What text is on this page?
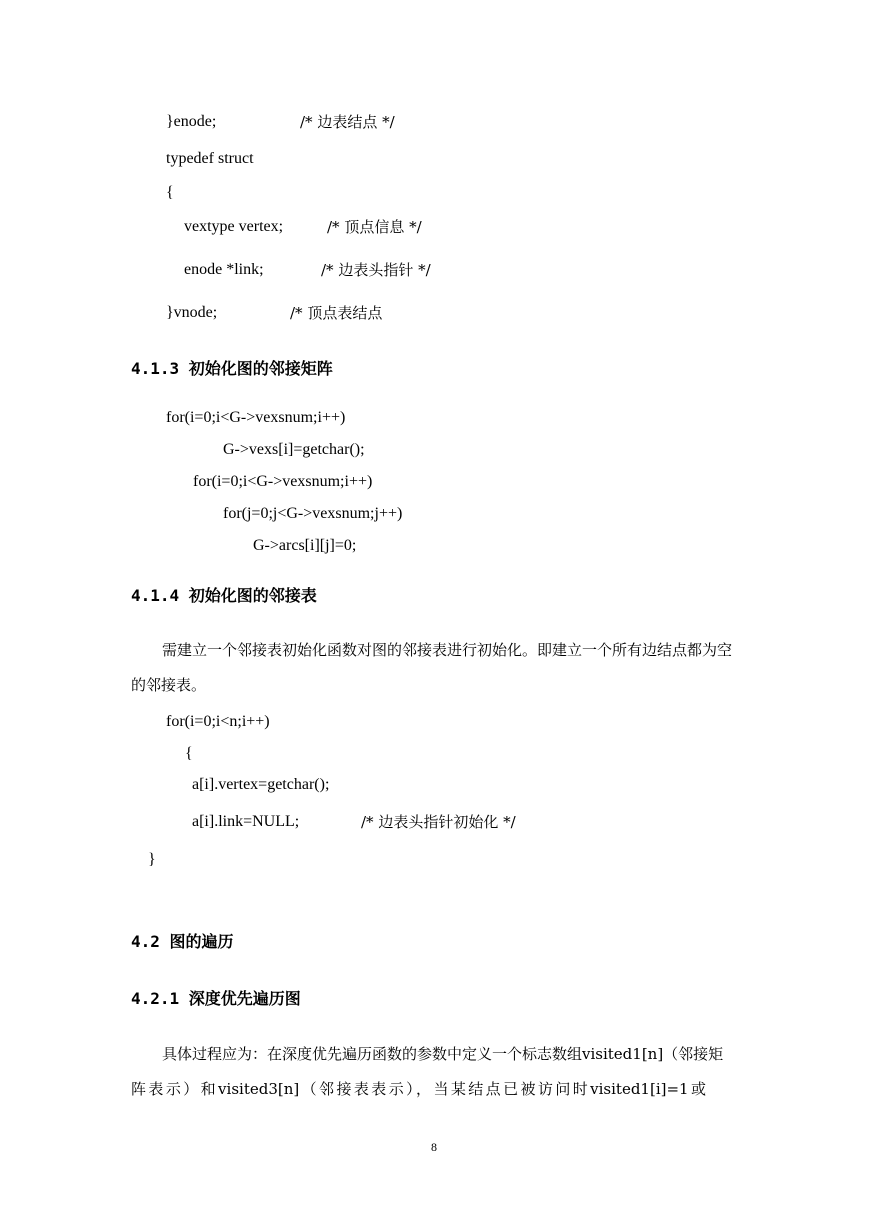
}enode;	/* 边表结点 */
typedef struct
{
vextype vertex;	/* 顶点信息 */
enode *link;	/* 边表头指针 */
}vnode;	/* 顶点表结点
4.1.3 初始化图的邻接矩阵
for(i=0;i<G->vexsnum;i++)
G->vexs[i]=getchar();
for(i=0;i<G->vexsnum;i++)
for(j=0;j<G->vexsnum;j++)
G->arcs[i][j]=0;
4.1.4 初始化图的邻接表
需建立一个邻接表初始化函数对图的邻接表进行初始化。即建立一个所有边结点都为空
的邻接表。
for(i=0;i<n;i++)
{
a[i].vertex=getchar();
a[i].link=NULL;	/* 边表头指针初始化 */
}
4.2 图的遍历
4.2.1 深度优先遍历图
具体过程应为：在深度优先遍历函数的参数中定义一个标志数组visited1[n]（邻接矩
阵表示）和visited3[n]（邻接表表示），当某结点已被访问时visited1[i]=1或
8
